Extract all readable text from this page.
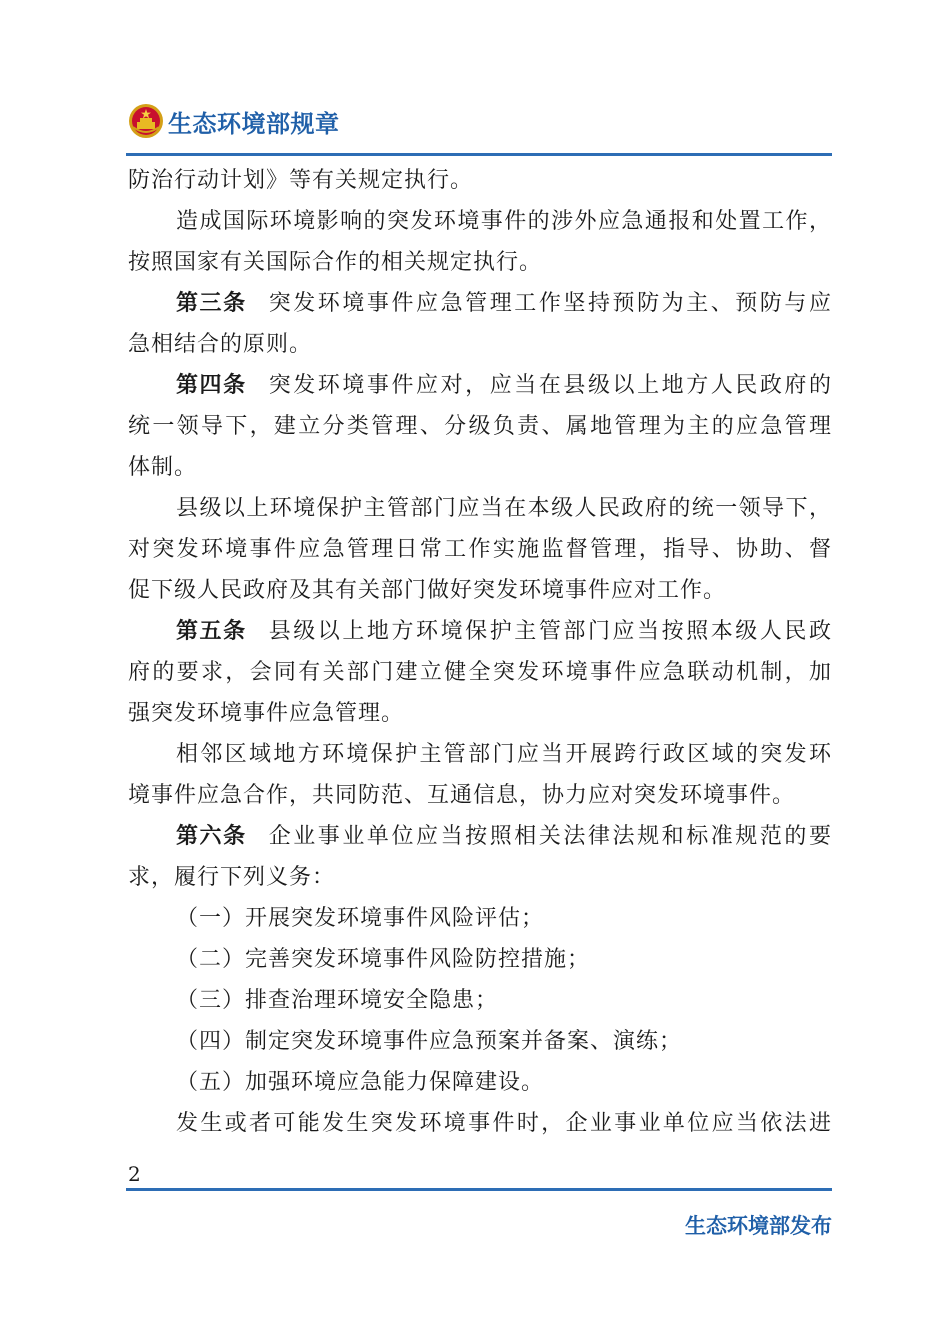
生态环境部规章
防治行动计划》等有关规定执行。
造成国际环境影响的突发环境事件的涉外应急通报和处置工作，
按照国家有关国际合作的相关规定执行。
第三条 突发环境事件应急管理工作坚持预防为主、预防与应
急相结合的原则。
第四条 突发环境事件应对，应当在县级以上地方人民政府的
统一领导下，建立分类管理、分级负责、属地管理为主的应急管理
体制。
县级以上环境保护主管部门应当在本级人民政府的统一领导下，
对突发环境事件应急管理日常工作实施监督管理，指导、协助、督
促下级人民政府及其有关部门做好突发环境事件应对工作。
第五条 县级以上地方环境保护主管部门应当按照本级人民政
府的要求，会同有关部门建立健全突发环境事件应急联动机制，加
强突发环境事件应急管理。
相邻区域地方环境保护主管部门应当开展跨行政区域的突发环
境事件应急合作，共同防范、互通信息，协力应对突发环境事件。
第六条 企业事业单位应当按照相关法律法规和标准规范的要
求，履行下列义务：
（一）开展突发环境事件风险评估；
（二）完善突发环境事件风险防控措施；
（三）排查治理环境安全隐患；
（四）制定突发环境事件应急预案并备案、演练；
（五）加强环境应急能力保障建设。
发生或者可能发生突发环境事件时，企业事业单位应当依法进
2
生态环境部发布
